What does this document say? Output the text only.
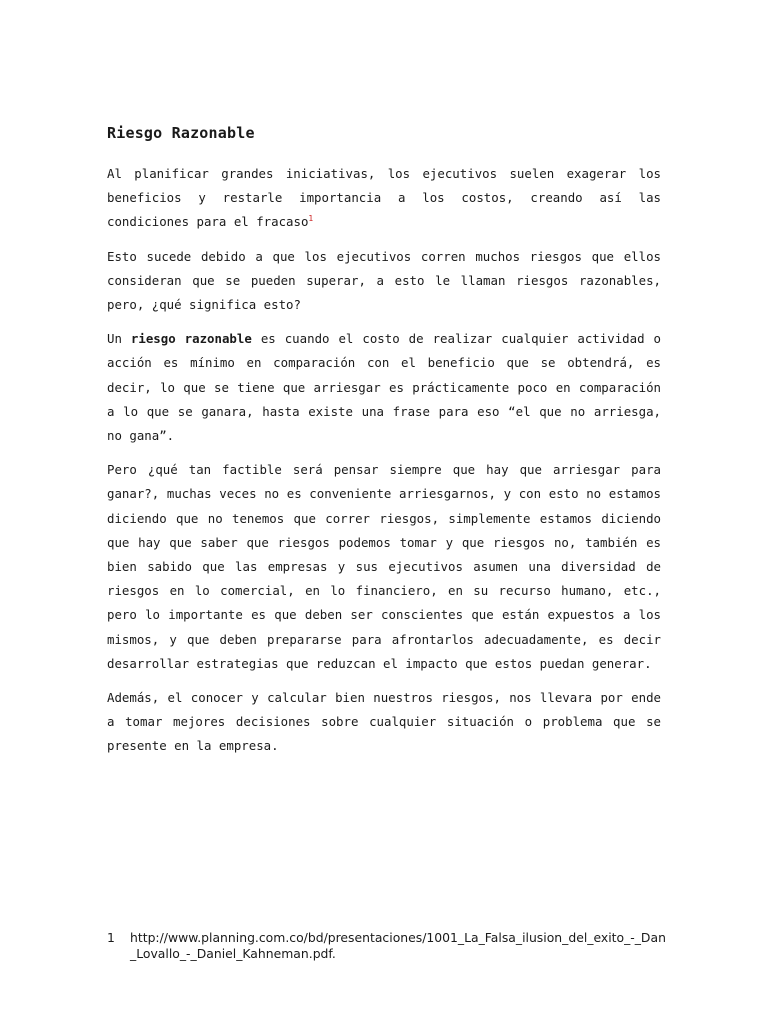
Riesgo Razonable

Al planificar grandes iniciativas, los ejecutivos suelen exagerar los beneficios y restarle importancia a los costos, creando así las condiciones para el fracaso$^1$

Esto sucede debido a que los ejecutivos corren muchos riesgos que ellos consideran que se pueden superar, a esto le llaman riesgos razonables, pero, ¿qué significa esto?

Un riesgo razonable es cuando el costo de realizar cualquier actividad o acción es mínimo en comparación con el beneficio que se obtendrá, es decir, lo que se tiene que arriesgar es prácticamente poco en comparación a lo que se ganara, hasta existe una frase para eso “el que no arriesga, no gana”.

Pero ¿qué tan factible será pensar siempre que hay que arriesgar para ganar?, muchas veces no es conveniente arriesgarnos, y con esto no estamos diciendo que no tenemos que correr riesgos, simplemente estamos diciendo que hay que saber que riesgos podemos tomar y que riesgos no, también es bien sabido que las empresas y sus ejecutivos asumen una diversidad de riesgos en lo comercial, en lo financiero, en su recurso humano, etc., pero lo importante es que deben ser conscientes que están expuestos a los mismos, y que deben prepararse para afrontarlos adecuadamente, es decir desarrollar estrategias que reduzcan el impacto que estos puedan generar.

Además, el conocer y calcular bien nuestros riesgos, nos llevara por ende a tomar mejores decisiones sobre cualquier situación o problema que se presente en la empresa.

1	http://www.planning.com.co/bd/presentaciones/1001_La_Falsa_ilusion_del_exito_-_Dan_Lovallo_-_Daniel_Kahneman.pdf.
